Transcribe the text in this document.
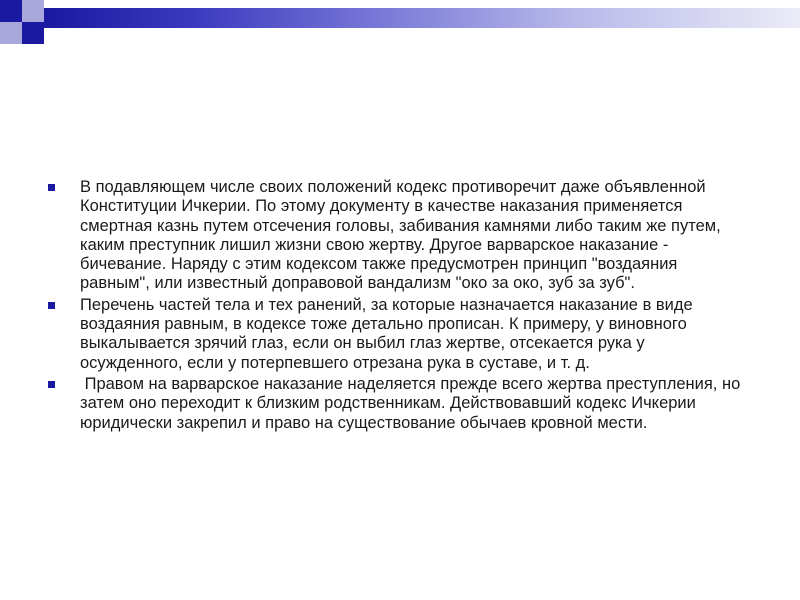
В подавляющем числе своих положений кодекс противоречит даже объявленной Конституции Ичкерии. По этому документу в качестве наказания применяется смертная казнь путем отсечения головы, забивания камнями либо таким же путем, каким преступник лишил жизни свою жертву. Другое варварское наказание - бичевание. Наряду с этим кодексом также предусмотрен принцип "воздаяния равным", или известный доправовой вандализм "око за око, зуб за зуб".
Перечень частей тела и тех ранений, за которые назначается наказание в виде воздаяния равным, в кодексе тоже детально прописан. К примеру, у виновного выкалывается зрячий глаз, если он выбил глаз жертве, отсекается рука у осужденного, если у потерпевшего отрезана рука в суставе, и т. д.
Правом на варварское наказание наделяется прежде всего жертва преступления, но затем оно переходит к близким родственникам. Действовавший кодекс Ичкерии юридически закрепил и право на существование обычаев кровной мести.
